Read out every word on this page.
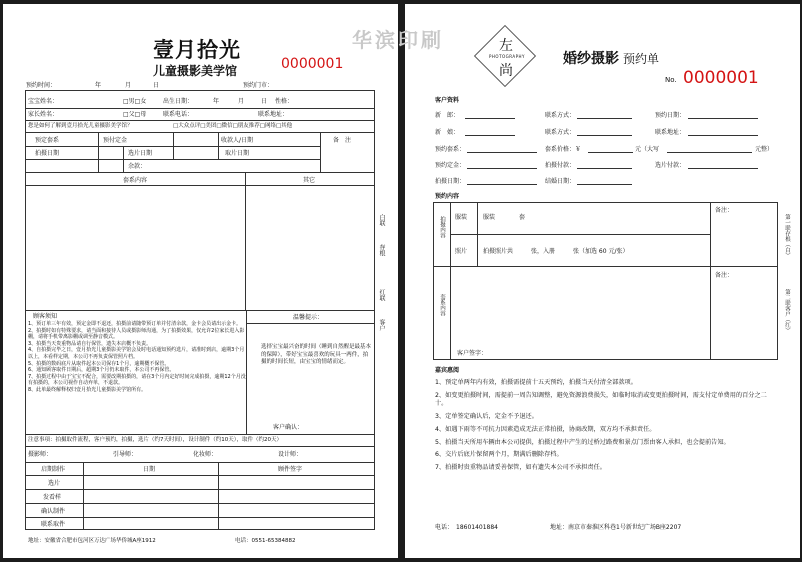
壹月拾光
儿童摄影美学馆	0000001
预约时间：	年	月	日	预约门市：
宝宝姓名：	□男□女	出生日期：	年	月	日 性格：
家长姓名：	□父□母	联系电话：	联系地址：
您是如何了解到壹月拾光儿童摄影美学馆？	□大众点评□美团□微信□朋友推荐□网络□其他
预定套系	预付定金	收款人/日期	备　注
拍摄日期	选片日期	取片日期
余款：
套系内容	其它
顾客须知
1、预订单三年有效，预定金即不退还，拍摄前请随带预订单并付清余款，金卡会员请出示金卡。
2、拍摄时如有特殊要求，请当面和接待人员或摄影师沟通，为了拍摄效果，仅允许2位家长进入影棚，请将手机带离影棚或调至静音模式。
3、拍摄当天贵重物品请自行保管，遗失本店概不负责。
4、自拍摄完毕之日，壹月拾光儿童摄影美学馆会及时电话通知预约选片，请准时到店，逾期3个月以上，本看样定期，本公司不再负责保管照片档。
5、拍摄的数码底片从取件起本公司保存1个月，逾期概不保管。
6、通知顾客取件日期后，超期3个月仍未取件，本公司不再保管。
7、拍摄过程中由于宝宝不配合，需要改期拍摄的，请在3个月内定好时间完成拍摄，逾期12个月没有拍摄的，本公司视作自动弃单，不退款。
8、此单最终解释权归壹月拾光儿童摄影美学馆所有。
温馨提示：
选择宝宝最兴奋的时间（睡到自然醒是最基本的保障），带好宝宝最喜欢的玩具一两件，拍摄的时间长短，由宝宝的情绪而定。
客户确认：
注意事项：拍摄取件流程，客户预约，拍摄，选片（约7天时间），设计制件（约10天），取件（约20天）
摄影师：	引导师：	化妆师：	设计师：
启期制作	日期	顾件签字
选片
发看样
确认制件
联系取件
地址：安徽省合肥市包河区万达广场华侨城A座1912	电话：0551-65384882
白联
存根
红联
客户
左
PHOTOGRAPHY
尚
婚纱摄影 预约单
No. 0000001
客户资料
新　郎：	联系方式：	预约日期：
新　娘：	联系方式：	联系地址：
预约套系：	套系价格：￥	元（大写	元整）
预约定金：	拍摄付款：	选片付款：
拍摄日期：	结婚日期：
预约内容
拍摄内容 服装	服装　　　　套
照片	拍摄照片共　　　张，入册　　　张（加选 60 元/张）
备注：
套系内容
客户签字：
备注：
第一联存根（白）
第二联客户（红）
嘉宾惠阅
1、预定单两年内有效，拍摄需提前十五天预约，拍摄当天付清全部款项。
2、如变更拍摄时间，需提前一周告知调整，避免资源浪费损失，如临时取消或变更拍摄时间，需支付定单费用的百分之二十。
3、定单签定确认后，定金不予退还。
4、如遇下雨等不可抗力因素造成无法正常拍摄，协商改期，双方均不承担责任。
5、拍摄当天所用车辆由本公司提供，拍摄过程中产生的过桥过路费和景点门票由客人承担，也会提前告知。
6、交片后底片保留两个月，期满后删除存档。
7、拍摄时贵重物品请妥善保管，如有遗失本公司不承担责任。
电话：　18601401884	地址：南京市秦淮区科巷1号新世纪广场B座2207
华滨印刷
